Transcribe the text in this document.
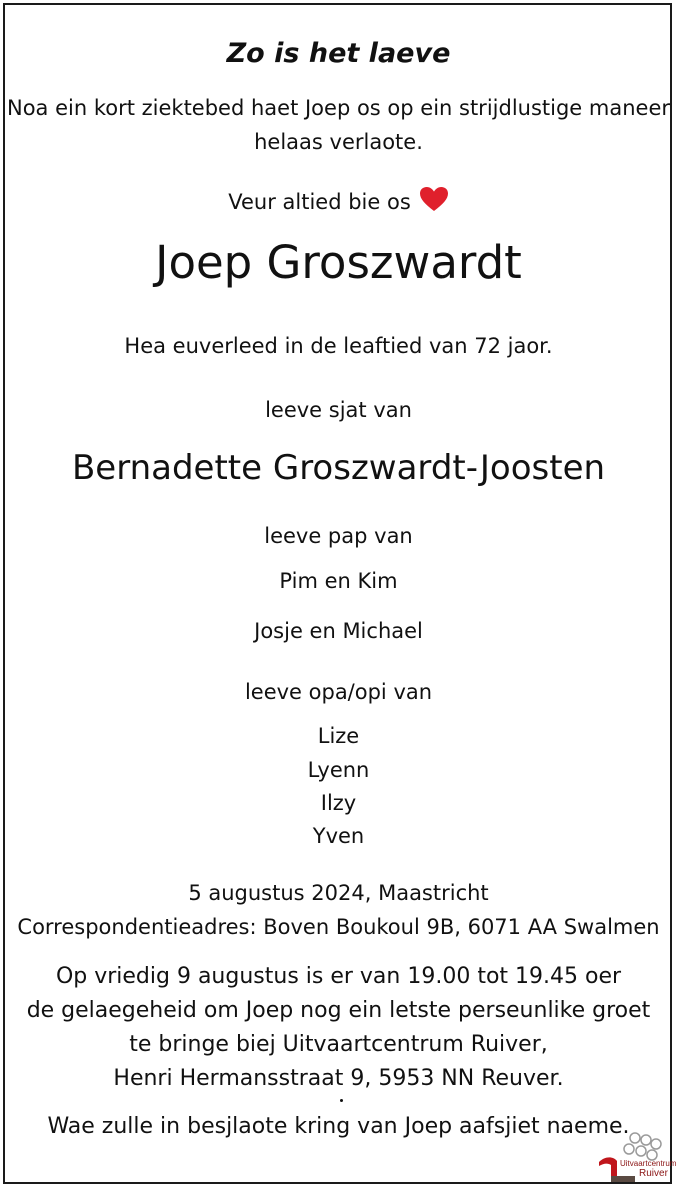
Zo is het laeve
Noa ein kort ziektebed haet Joep os op ein strijdlustige maneer
helaas verlaote.
Veur altied bie os
Joep Groszwardt
Hea euverleed in de leaftied van 72 jaor.
leeve sjat van
Bernadette Groszwardt-Joosten
leeve pap van
Pim en Kim
Josje en Michael
leeve opa/opi van
Lize
Lyenn
Ilzy
Yven
5 augustus 2024, Maastricht
Correspondentieadres: Boven Boukoul 9B, 6071 AA Swalmen
Op vriedig 9 augustus is er van 19.00 tot 19.45 oer
de gelaegeheid om Joep nog ein letste perseunlike groet
te bringe biej Uitvaartcentrum Ruiver,
Henri Hermansstraat 9, 5953 NN Reuver.
Wae zulle in besjlaote kring van Joep aafsjiet naeme.
Uitvaartcentrum
Ruiver
